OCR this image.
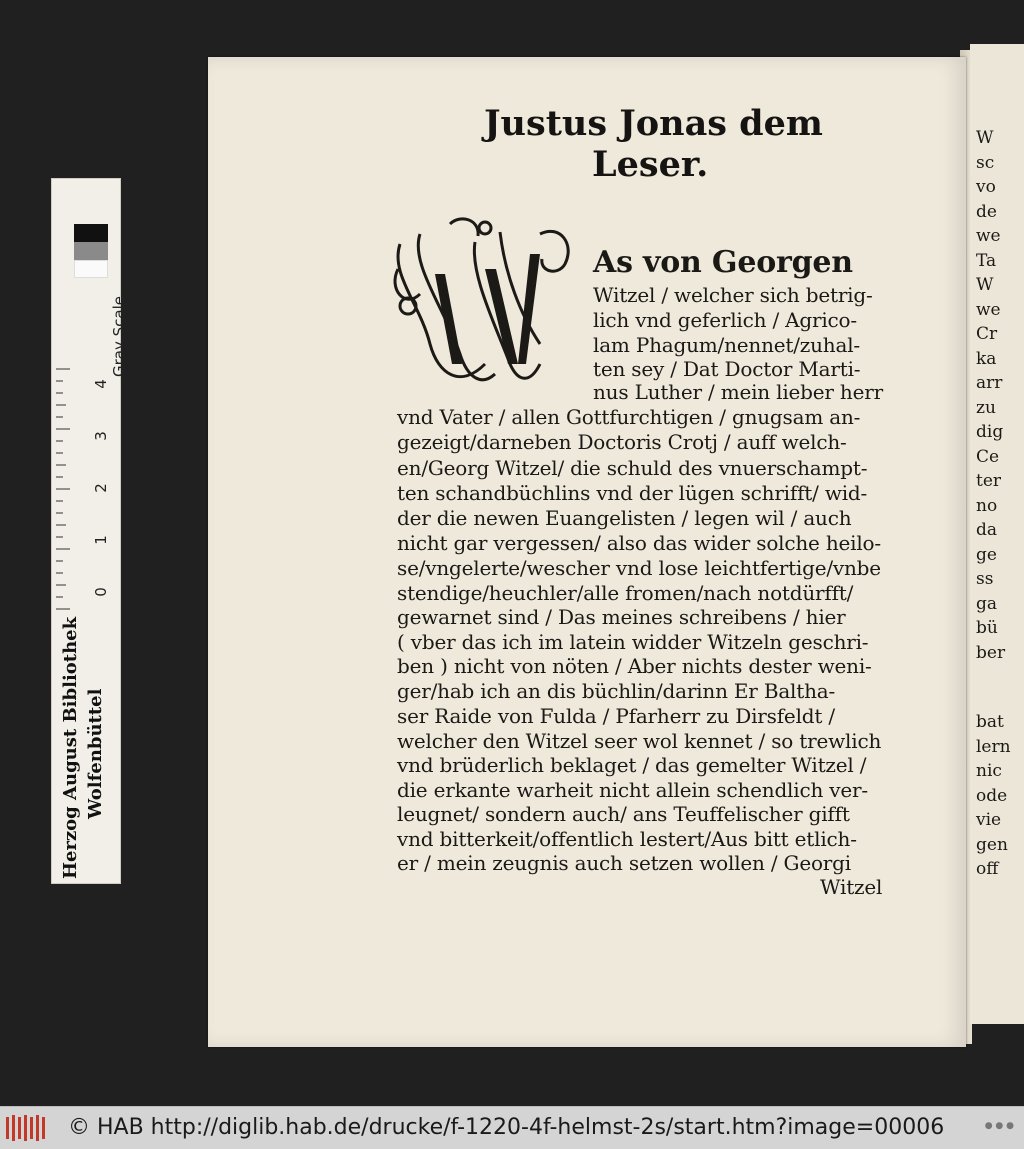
Gray Scale
4
3
2
1
0
Herzog August Bibliothek Wolfenbüttel
W
sc
vo
de
we
Ta
W
we
Cr
ka
arr
zu
dig
Ce
ter
no
da
ge
ss
ga
bü
ber
bat
lern
nic
ode
vie
gen
off
Justus Jonas dem
Leser.
As von Georgen
Witzel / welcher sich betrig-
lich vnd geferlich / Agrico-
lam Phagum/nennet/zuhal-
ten sey / Dat Doctor Marti-
nus Luther / mein lieber herr
vnd Vater / allen Gottfurchtigen / gnugsam an-
gezeigt/darneben Doctoris Crotj / auff welch-
en/Georg Witzel/ die schuld des vnuerschampt-
ten schandbüchlins vnd der lügen schrifft/ wid-
der die newen Euangelisten / legen wil / auch
nicht gar vergessen/ also das wider solche heilo-
se/vngelerte/wescher vnd lose leichtfertige/vnbe
stendige/heuchler/alle fromen/nach notdürfft/
gewarnet sind / Das meines schreibens / hier
( vber das ich im latein widder Witzeln geschri-
ben ) nicht von nöten / Aber nichts dester weni-
ger/hab ich an dis büchlin/darinn Er Baltha-
ser Raide von Fulda / Pfarherr zu Dirsfeldt /
welcher den Witzel seer wol kennet / so trewlich
vnd brüderlich beklaget / das gemelter Witzel /
die erkante warheit nicht allein schendlich ver-
leugnet/ sondern auch/ ans Teuffelischer gifft
vnd bitterkeit/offentlich lestert/Aus bitt etlich-
er / mein zeugnis auch setzen wollen / Georgi
Witzel
© HAB http://diglib.hab.de/drucke/f-1220-4f-helmst-2s/start.htm?image=00006	● ● ●
